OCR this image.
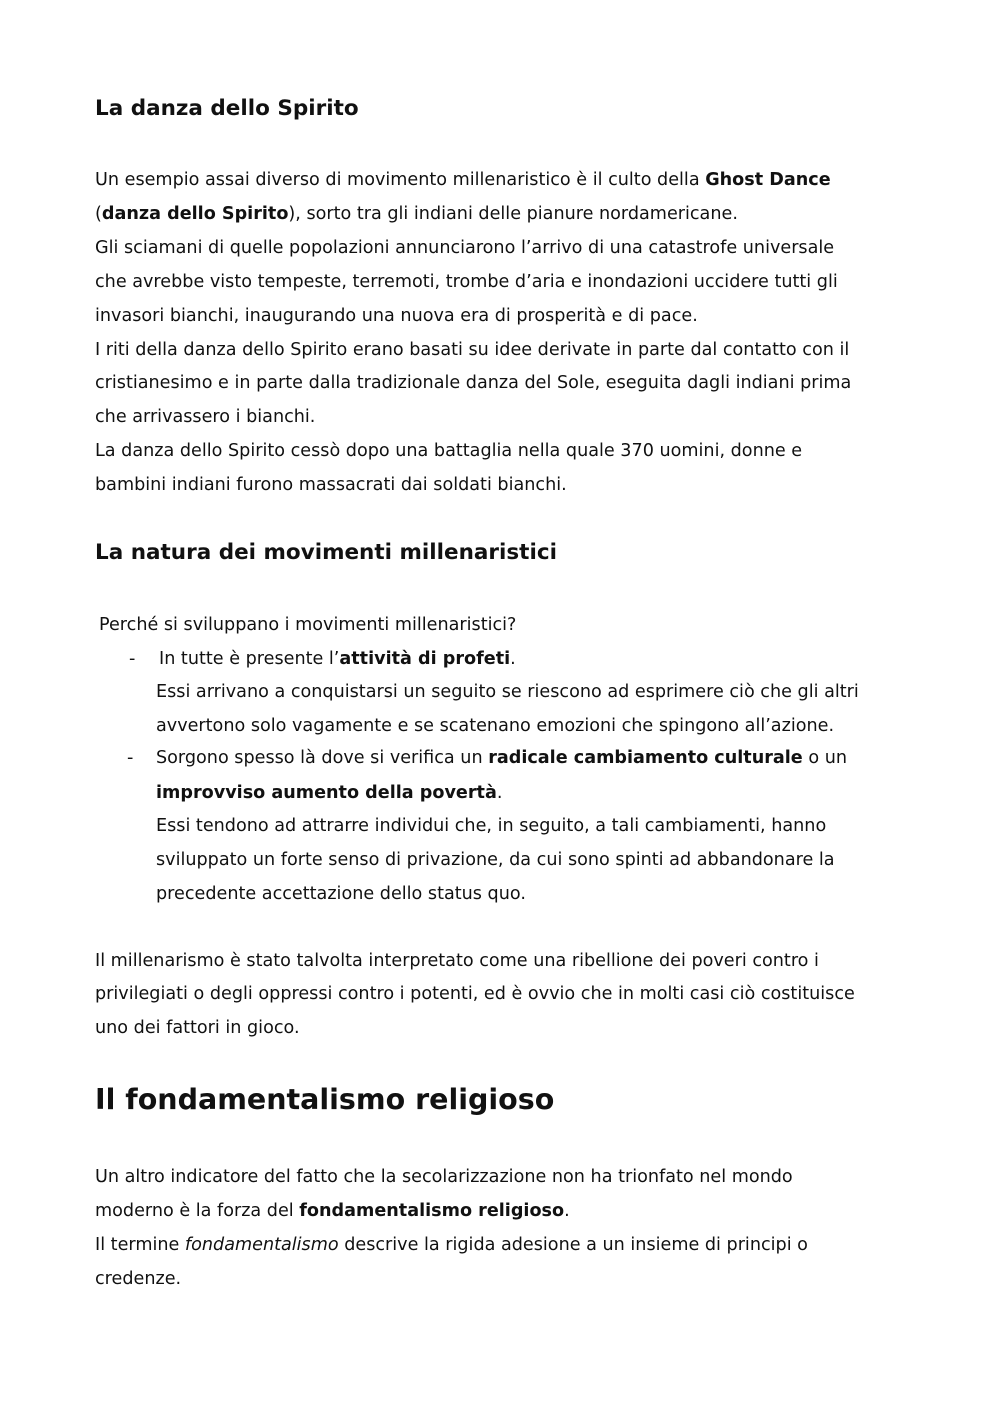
La danza dello Spirito
Un esempio assai diverso di movimento millenaristico è il culto della Ghost Dance
(danza dello Spirito), sorto tra gli indiani delle pianure nordamericane.
Gli sciamani di quelle popolazioni annunciarono l’arrivo di una catastrofe universale
che avrebbe visto tempeste, terremoti, trombe d’aria e inondazioni uccidere tutti gli
invasori bianchi, inaugurando una nuova era di prosperità e di pace.
I riti della danza dello Spirito erano basati su idee derivate in parte dal contatto con il
cristianesimo e in parte dalla tradizionale danza del Sole, eseguita dagli indiani prima
che arrivassero i bianchi.
La danza dello Spirito cessò dopo una battaglia nella quale 370 uomini, donne e
bambini indiani furono massacrati dai soldati bianchi.
La natura dei movimenti millenaristici
Perché si sviluppano i movimenti millenaristici?
- In tutte è presente l’attività di profeti.
Essi arrivano a conquistarsi un seguito se riescono ad esprimere ciò che gli altri
avvertono solo vagamente e se scatenano emozioni che spingono all’azione.
- Sorgono spesso là dove si verifica un radicale cambiamento culturale o un
improvviso aumento della povertà.
Essi tendono ad attrarre individui che, in seguito, a tali cambiamenti, hanno
sviluppato un forte senso di privazione, da cui sono spinti ad abbandonare la
precedente accettazione dello status quo.
Il millenarismo è stato talvolta interpretato come una ribellione dei poveri contro i
privilegiati o degli oppressi contro i potenti, ed è ovvio che in molti casi ciò costituisce
uno dei fattori in gioco.
Il fondamentalismo religioso
Un altro indicatore del fatto che la secolarizzazione non ha trionfato nel mondo
moderno è la forza del fondamentalismo religioso.
Il termine fondamentalismo descrive la rigida adesione a un insieme di principi o
credenze.
